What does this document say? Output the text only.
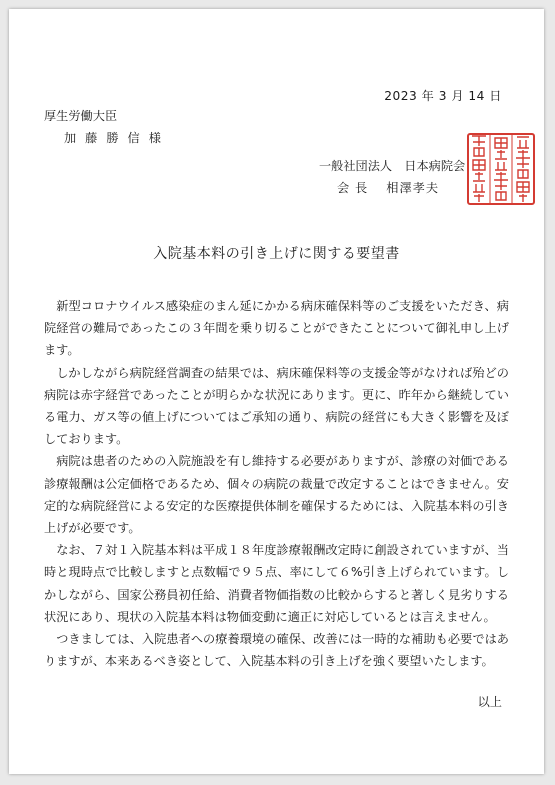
2023 年 3 月 14 日
厚生労働大臣
加藤勝信様
一般社団法人　日本病院会
会 長　 相澤孝夫
入院基本料の引き上げに関する要望書

新型コロナウイルス感染症のまん延にかかる病床確保料等のご支援をいただき、病院経営の難局であったこの３年間を乗り切ることができたことについて御礼申し上げます。

しかしながら病院経営調査の結果では、病床確保料等の支援金等がなければ殆どの病院は赤字経営であったことが明らかな状況にあります。更に、昨年から継続している電力、ガス等の値上げについてはご承知の通り、病院の経営にも大きく影響を及ぼしております。

病院は患者のための入院施設を有し維持する必要がありますが、診療の対価である診療報酬は公定価格であるため、個々の病院の裁量で改定することはできません。安定的な病院経営による安定的な医療提供体制を確保するためには、入院基本料の引き上げが必要です。

なお、７対１入院基本料は平成１８年度診療報酬改定時に創設されていますが、当時と現時点で比較しますと点数幅で９５点、率にして６%引き上げられています。しかしながら、国家公務員初任給、消費者物価指数の比較からすると著しく見劣りする状況にあり、現状の入院基本料は物価変動に適正に対応しているとは言えません。

つきましては、入院患者への療養環境の確保、改善には一時的な補助も必要ではありますが、本来あるべき姿として、入院基本料の引き上げを強く要望いたします。

以上
